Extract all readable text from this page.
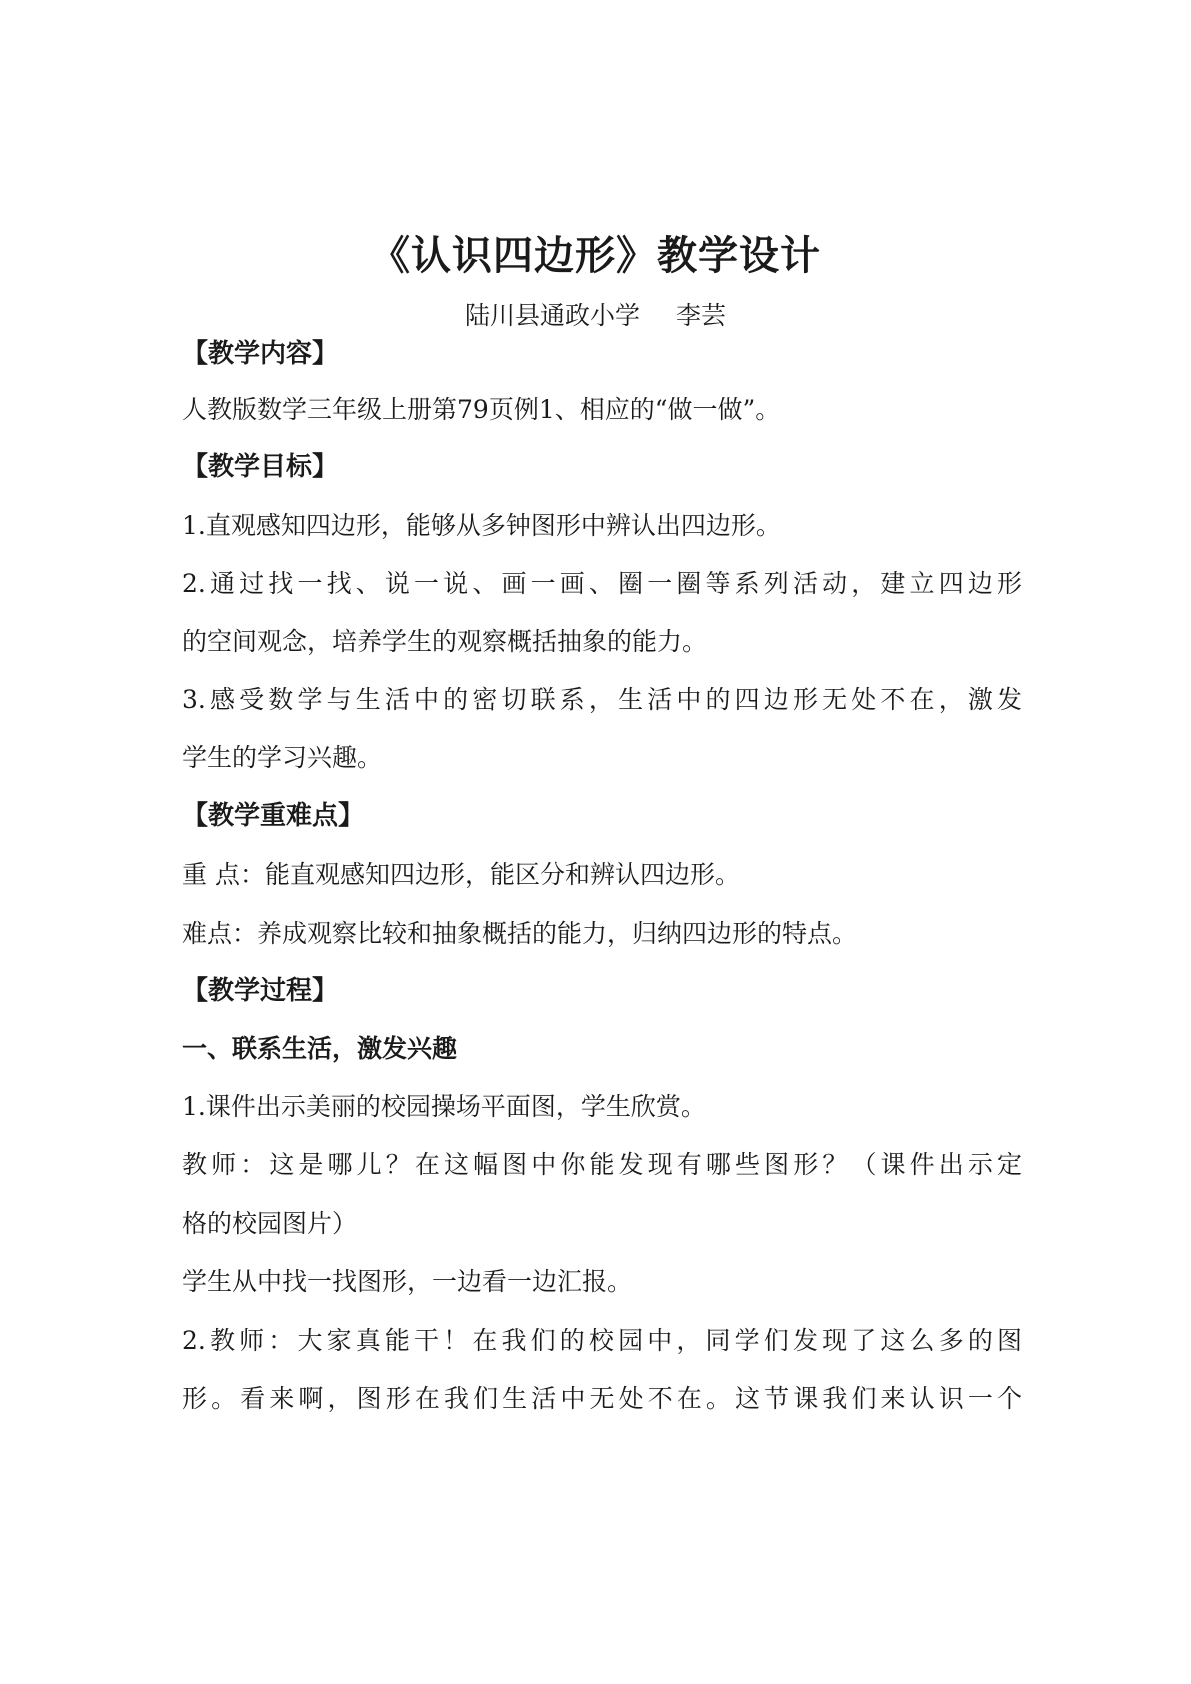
《认识四边形》教学设计
陆川县通政小学 李芸
【教学内容】
人教版数学三年级上册第79页例1、相应的“做一做”。
【教学目标】
1.直观感知四边形，能够从多钟图形中辨认出四边形。
2.通过找一找、说一说、画一画、圈一圈等系列活动，建立四边形
的空间观念，培养学生的观察概括抽象的能力。
3.感受数学与生活中的密切联系，生活中的四边形无处不在，激发
学生的学习兴趣。
【教学重难点】
重 点：能直观感知四边形，能区分和辨认四边形。
难点：养成观察比较和抽象概括的能力，归纳四边形的特点。
【教学过程】
一、联系生活，激发兴趣
1.课件出示美丽的校园操场平面图，学生欣赏。
教师：这是哪儿？在这幅图中你能发现有哪些图形？（课件出示定
格的校园图片）
学生从中找一找图形，一边看一边汇报。
2.教师：大家真能干！在我们的校园中，同学们发现了这么多的图
形。看来啊，图形在我们生活中无处不在。这节课我们来认识一个
